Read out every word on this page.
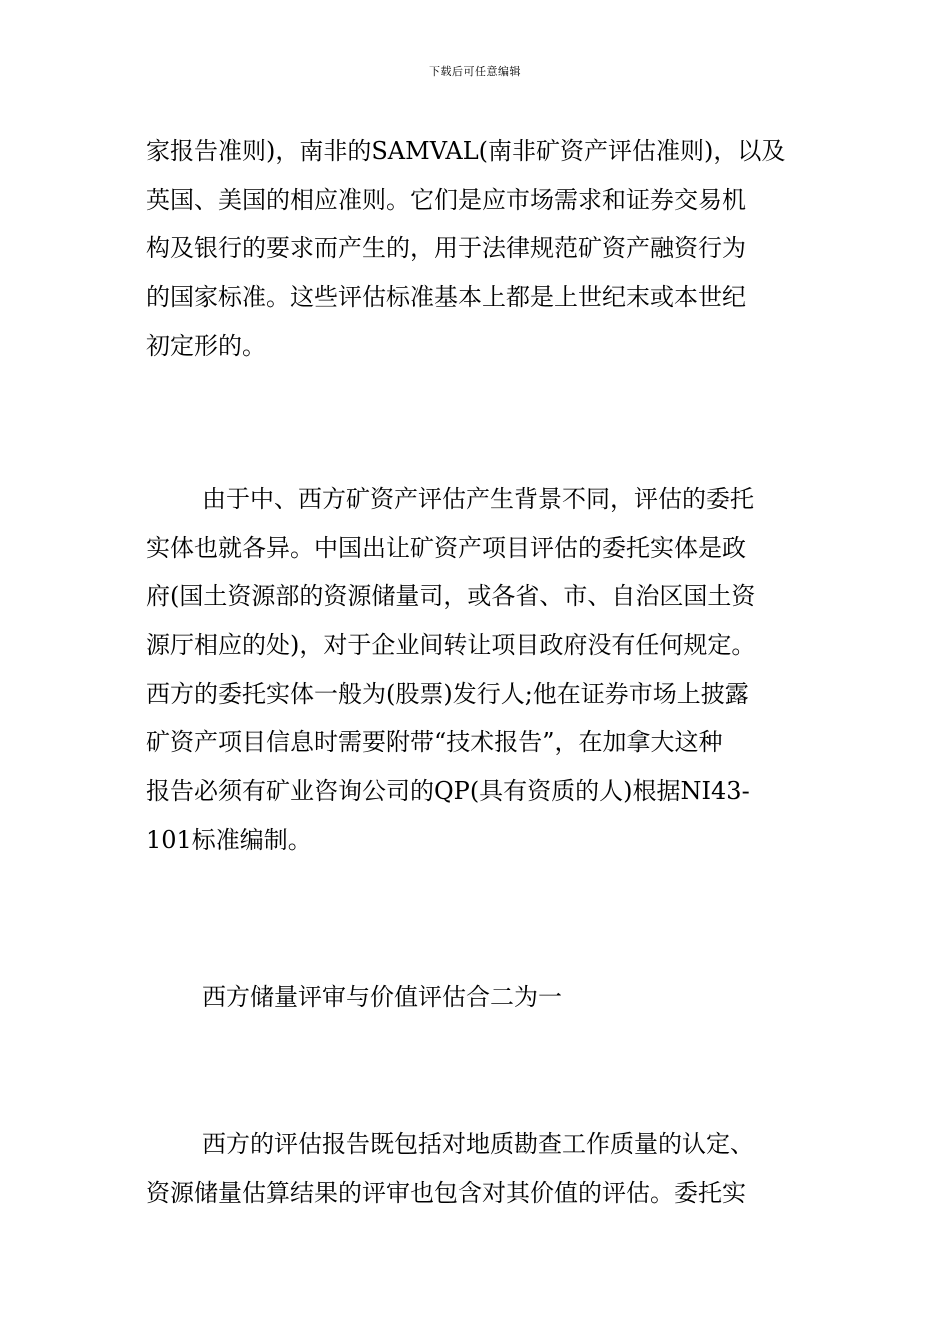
下载后可任意编辑
家报告准则)，南非的SAMVAL(南非矿资产评估准则)，以及
英国、美国的相应准则。它们是应市场需求和证券交易机
构及银行的要求而产生的，用于法律规范矿资产融资行为
的国家标准。这些评估标准基本上都是上世纪末或本世纪
初定形的。
由于中、西方矿资产评估产生背景不同，评估的委托
实体也就各异。中国出让矿资产项目评估的委托实体是政
府(国土资源部的资源储量司，或各省、市、自治区国土资
源厅相应的处)，对于企业间转让项目政府没有任何规定。
西方的委托实体一般为(股票)发行人;他在证券市场上披露
矿资产项目信息时需要附带“技术报告”，在加拿大这种
报告必须有矿业咨询公司的QP(具有资质的人)根据NI43-
101标准编制。
西方储量评审与价值评估合二为一
西方的评估报告既包括对地质勘查工作质量的认定、
资源储量估算结果的评审也包含对其价值的评估。委托实
